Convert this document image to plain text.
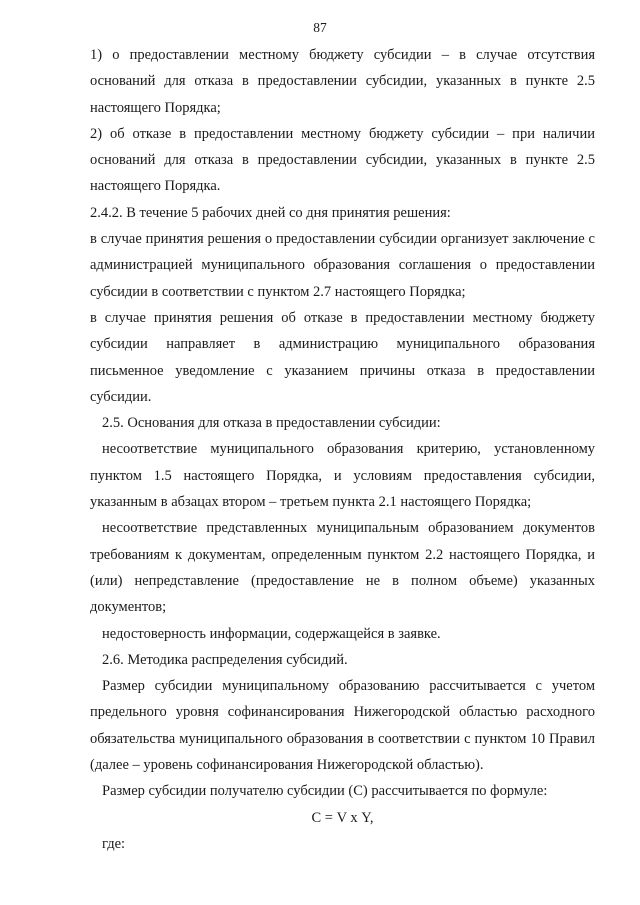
87

1) о предоставлении местному бюджету субсидии – в случае отсутствия оснований для отказа в предоставлении субсидии, указанных в пункте 2.5 настоящего Порядка;

2) об отказе в предоставлении местному бюджету субсидии – при наличии оснований для отказа в предоставлении субсидии, указанных в пункте 2.5 настоящего Порядка.

2.4.2. В течение 5 рабочих дней со дня принятия решения:

в случае принятия решения о предоставлении субсидии организует заключение с администрацией муниципального образования соглашения о предоставлении субсидии в соответствии с пунктом 2.7 настоящего Порядка;

в случае принятия решения об отказе в предоставлении местному бюджету субсидии направляет в администрацию муниципального образования письменное уведомление с указанием причины отказа в предоставлении субсидии.

2.5. Основания для отказа в предоставлении субсидии:

несоответствие муниципального образования критерию, установленному пунктом 1.5 настоящего Порядка, и условиям предоставления субсидии, указанным в абзацах втором – третьем пункта 2.1 настоящего Порядка;

несоответствие представленных муниципальным образованием документов требованиям к документам, определенным пунктом 2.2 настоящего Порядка, и (или) непредставление (предоставление не в полном объеме) указанных документов;

недостоверность информации, содержащейся в заявке.

2.6. Методика распределения субсидий.

Размер субсидии муниципальному образованию рассчитывается с учетом предельного уровня софинансирования Нижегородской областью расходного обязательства муниципального образования в соответствии с пунктом 10 Правил (далее – уровень софинансирования Нижегородской областью).

Размер субсидии получателю субсидии (С) рассчитывается по формуле:

С = V х Y,

где:
